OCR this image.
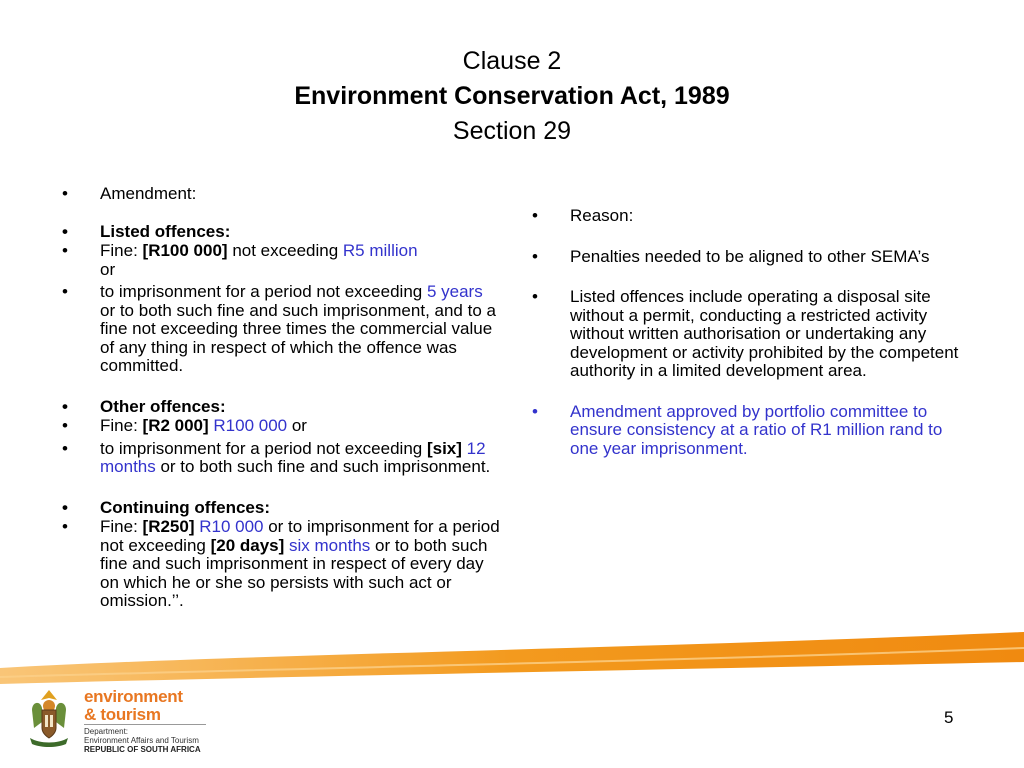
Clause 2
Environment Conservation Act, 1989
Section 29
• Amendment:
• Listed offences:
• Fine: [R100 000] not exceeding R5 million
or
• to imprisonment for a period not exceeding 5 years or to both such fine and such imprisonment, and to a fine not exceeding three times the commercial value of any thing in respect of which the offence was committed.
• Other offences:
• Fine: [R2 000] R100 000 or
• to imprisonment for a period not exceeding [six] 12 months or to both such fine and such imprisonment.
• Continuing offences:
• Fine: [R250] R10 000 or to imprisonment for a period not exceeding [20 days] six months or to both such fine and such imprisonment in respect of every day on which he or she so persists with such act or omission.’’.
• Reason:
• Penalties needed to be aligned to other SEMA’s
• Listed offences include operating a disposal site without a permit, conducting a restricted activity without written authorisation or undertaking any development or activity prohibited by the competent authority in a limited development area.
• Amendment approved by portfolio committee to ensure consistency at a ratio of R1 million rand to one year imprisonment.
environment
& tourism
Department:
Environment Affairs and Tourism
REPUBLIC OF SOUTH AFRICA
5
